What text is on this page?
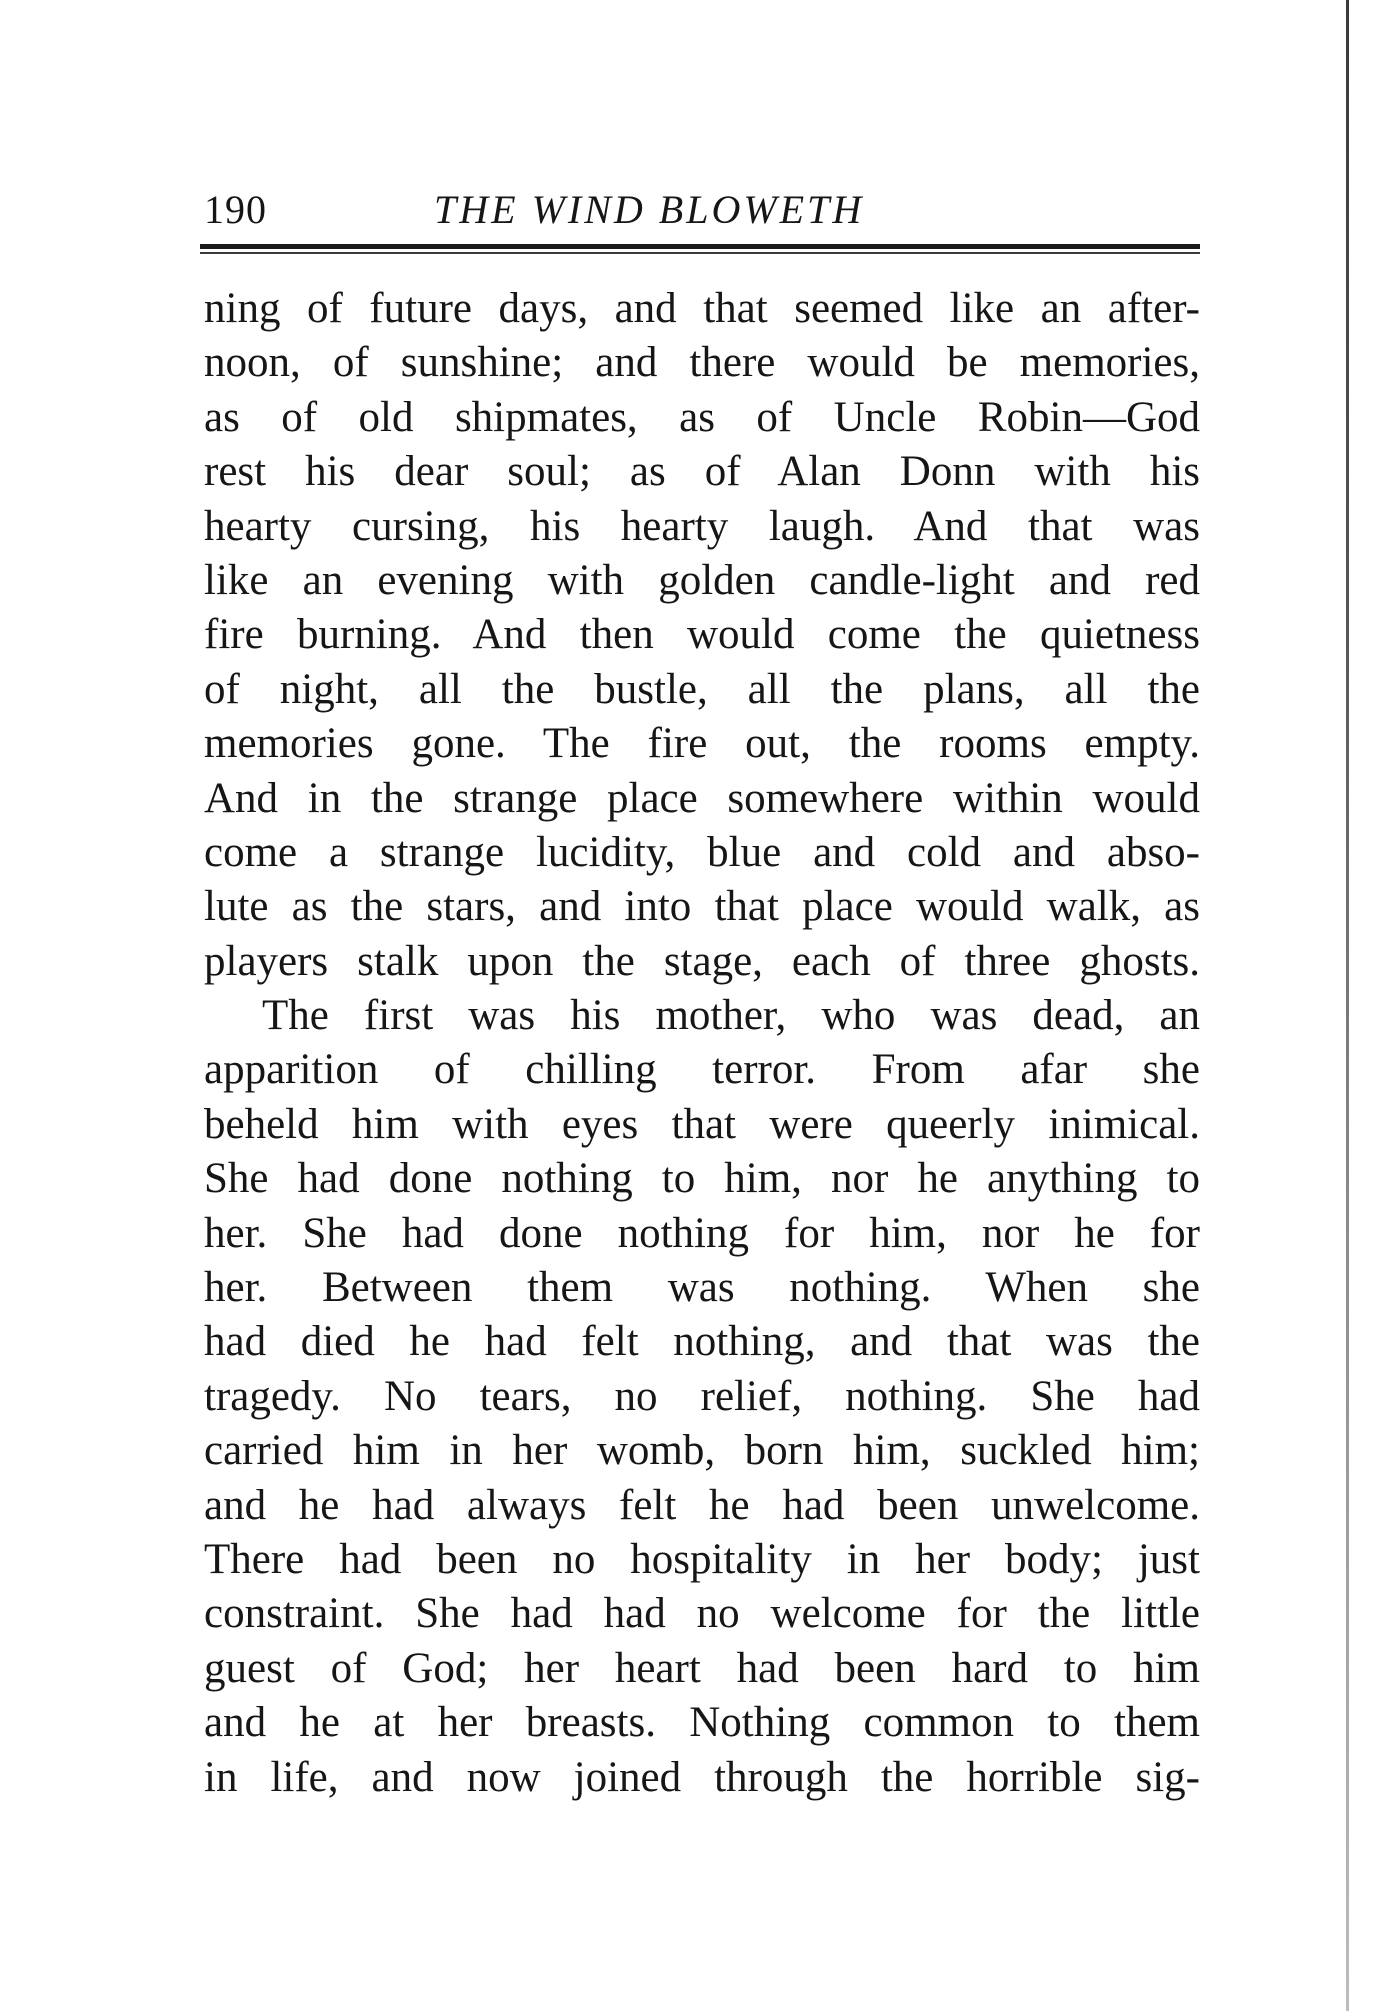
190	THE WIND BLOWETH
ning of future days, and that seemed like an after-
noon, of sunshine; and there would be memories,
as of old shipmates, as of Uncle Robin—God
rest his dear soul; as of Alan Donn with his
hearty cursing, his hearty laugh. And that was
like an evening with golden candle-light and red
fire burning. And then would come the quietness
of night, all the bustle, all the plans, all the
memories gone. The fire out, the rooms empty.
And in the strange place somewhere within would
come a strange lucidity, blue and cold and abso-
lute as the stars, and into that place would walk, as
players stalk upon the stage, each of three ghosts.
The first was his mother, who was dead, an
apparition of chilling terror. From afar she
beheld him with eyes that were queerly inimical.
She had done nothing to him, nor he anything to
her. She had done nothing for him, nor he for
her. Between them was nothing. When she
had died he had felt nothing, and that was the
tragedy. No tears, no relief, nothing. She had
carried him in her womb, born him, suckled him;
and he had always felt he had been unwelcome.
There had been no hospitality in her body; just
constraint. She had had no welcome for the little
guest of God; her heart had been hard to him
and he at her breasts. Nothing common to them
in life, and now joined through the horrible sig-
